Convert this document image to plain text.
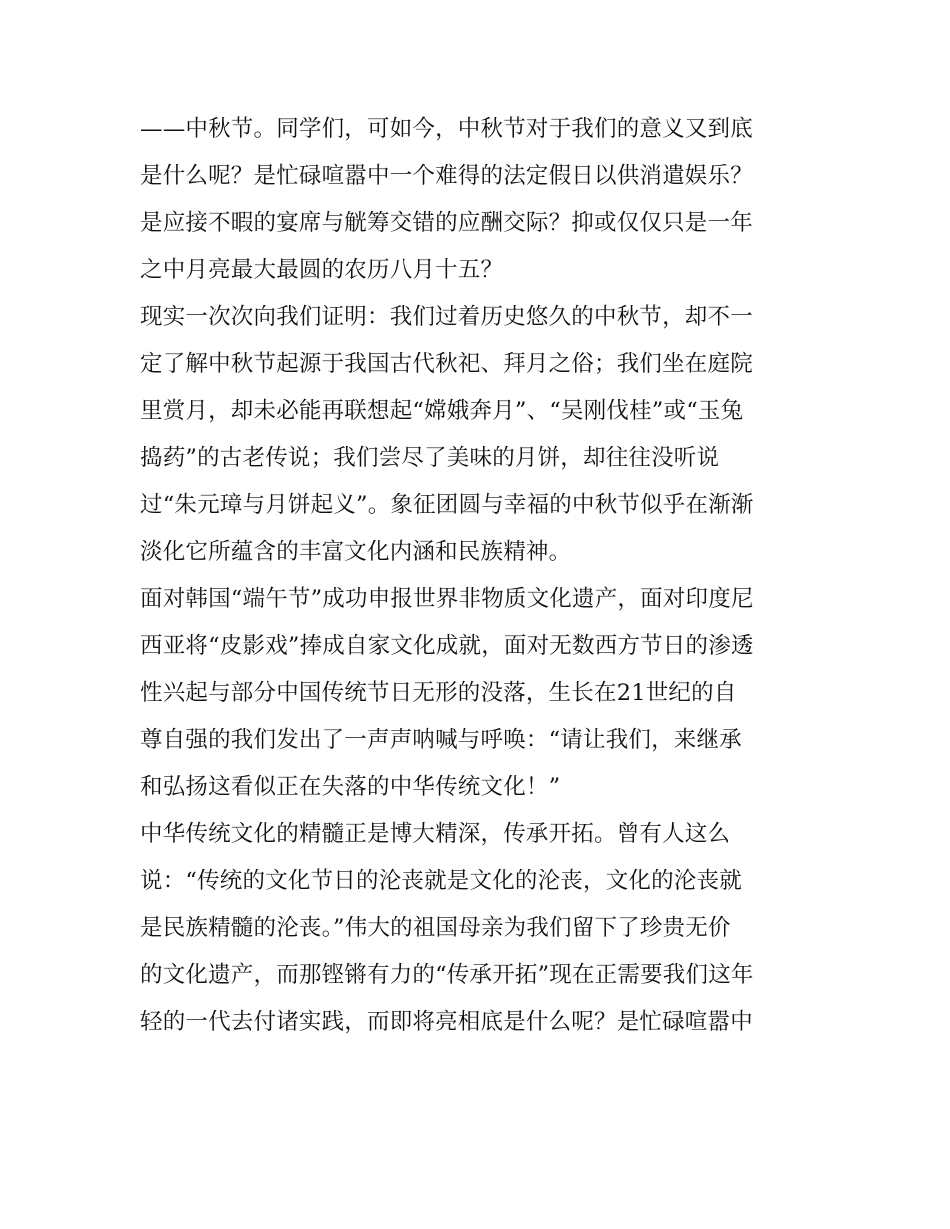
——中秋节。同学们，可如今，中秋节对于我们的意义又到底
是什么呢？是忙碌喧嚣中一个难得的法定假日以供消遣娱乐？
是应接不暇的宴席与觥筹交错的应酬交际？抑或仅仅只是一年
之中月亮最大最圆的农历八月十五？
现实一次次向我们证明：我们过着历史悠久的中秋节，却不一
定了解中秋节起源于我国古代秋祀、拜月之俗；我们坐在庭院
里赏月，却未必能再联想起“嫦娥奔月”、“吴刚伐桂”或“玉兔
捣药”的古老传说；我们尝尽了美味的月饼，却往往没听说
过“朱元璋与月饼起义”。象征团圆与幸福的中秋节似乎在渐渐
淡化它所蕴含的丰富文化内涵和民族精神。
面对韩国“端午节”成功申报世界非物质文化遗产，面对印度尼
西亚将“皮影戏”捧成自家文化成就，面对无数西方节日的渗透
性兴起与部分中国传统节日无形的没落，生长在21世纪的自
尊自强的我们发出了一声声呐喊与呼唤：“请让我们，来继承
和弘扬这看似正在失落的中华传统文化！”
中华传统文化的精髓正是博大精深，传承开拓。曾有人这么
说：“传统的文化节日的沦丧就是文化的沦丧，文化的沦丧就
是民族精髓的沦丧。”伟大的祖国母亲为我们留下了珍贵无价
的文化遗产，而那铿锵有力的“传承开拓”现在正需要我们这年
轻的一代去付诸实践，而即将亮相底是什么呢？是忙碌喧嚣中
